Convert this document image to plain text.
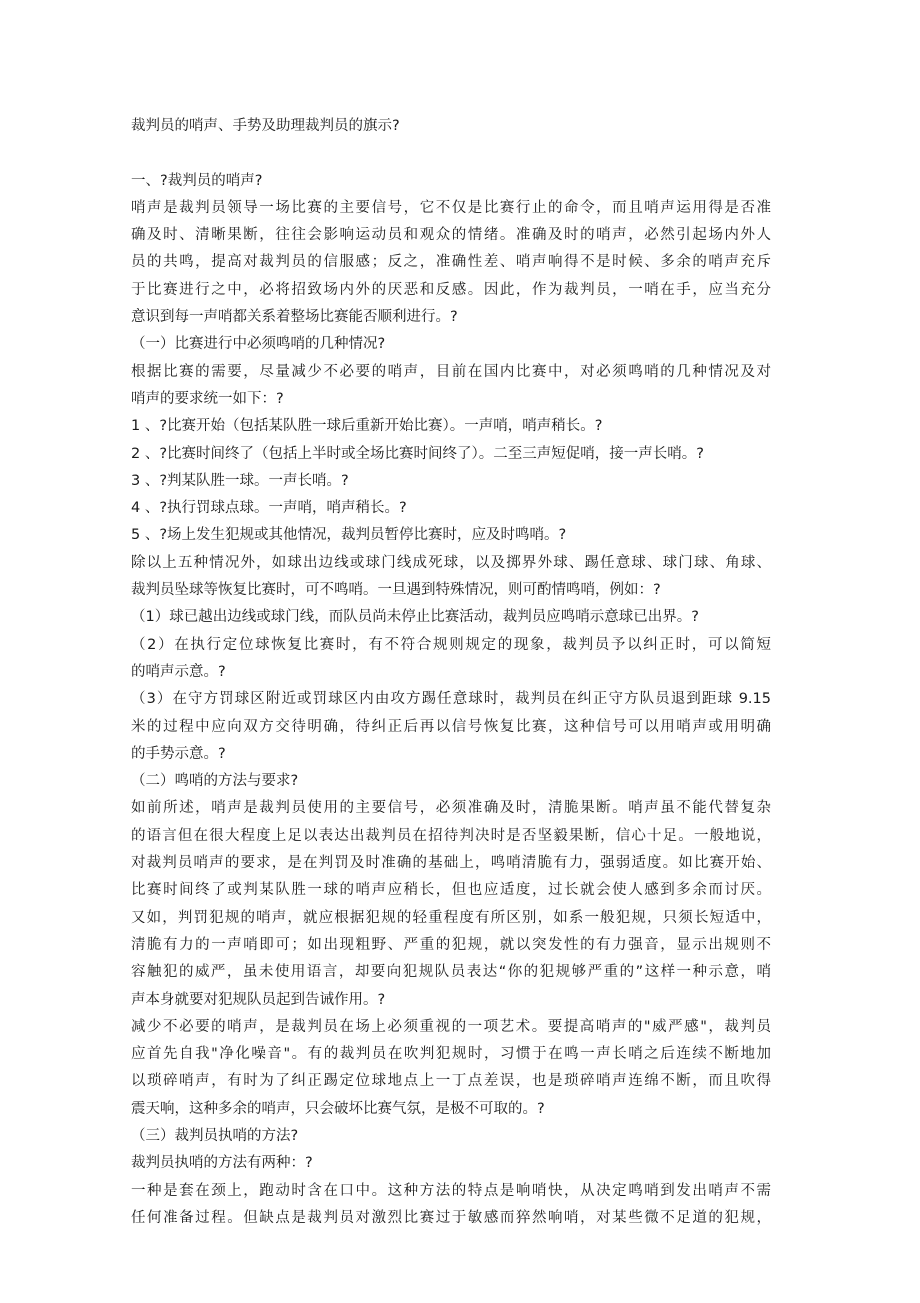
裁判员的哨声、手势及助理裁判员的旗示?
一、?裁判员的哨声?
哨声是裁判员领导一场比赛的主要信号，它不仅是比赛行止的命令，而且哨声运用得是否准
确及时、清晰果断，往往会影响运动员和观众的情绪。准确及时的哨声，必然引起场内外人
员的共鸣，提高对裁判员的信服感；反之，准确性差、哨声响得不是时候、多余的哨声充斥
于比赛进行之中，必将招致场内外的厌恶和反感。因此，作为裁判员，一哨在手，应当充分
意识到每一声哨都关系着整场比赛能否顺利进行。?
（一）比赛进行中必须鸣哨的几种情况?
根据比赛的需要，尽量减少不必要的哨声，目前在国内比赛中，对必须鸣哨的几种情况及对
哨声的要求统一如下：?
1 、?比赛开始（包括某队胜一球后重新开始比赛）。一声哨，哨声稍长。?
2 、?比赛时间终了（包括上半时或全场比赛时间终了）。二至三声短促哨，接一声长哨。?
3 、?判某队胜一球。一声长哨。?
4 、?执行罚球点球。一声哨，哨声稍长。?
5 、?场上发生犯规或其他情况，裁判员暂停比赛时，应及时鸣哨。?
除以上五种情况外，如球出边线或球门线成死球，以及掷界外球、踢任意球、球门球、角球、
裁判员坠球等恢复比赛时，可不鸣哨。一旦遇到特殊情况，则可酌情鸣哨，例如：?
（1）球已越出边线或球门线，而队员尚未停止比赛活动，裁判员应鸣哨示意球已出界。?
（2）在执行定位球恢复比赛时，有不符合规则规定的现象，裁判员予以纠正时，可以简短
的哨声示意。?
（3）在守方罚球区附近或罚球区内由攻方踢任意球时，裁判员在纠正守方队员退到距球 9.15
米的过程中应向双方交待明确，待纠正后再以信号恢复比赛，这种信号可以用哨声或用明确
的手势示意。?
（二）鸣哨的方法与要求?
如前所述，哨声是裁判员使用的主要信号，必须准确及时，清脆果断。哨声虽不能代替复杂
的语言但在很大程度上足以表达出裁判员在招待判决时是否坚毅果断，信心十足。一般地说，
对裁判员哨声的要求，是在判罚及时准确的基础上，鸣哨清脆有力，强弱适度。如比赛开始、
比赛时间终了或判某队胜一球的哨声应稍长，但也应适度，过长就会使人感到多余而讨厌。
又如，判罚犯规的哨声，就应根据犯规的轻重程度有所区别，如系一般犯规，只须长短适中，
清脆有力的一声哨即可；如出现粗野、严重的犯规，就以突发性的有力强音，显示出规则不
容触犯的威严，虽未使用语言，却要向犯规队员表达“你的犯规够严重的”这样一种示意，哨
声本身就要对犯规队员起到告诫作用。?
减少不必要的哨声，是裁判员在场上必须重视的一项艺术。要提高哨声的"威严感"，裁判员
应首先自我"净化噪音"。有的裁判员在吹判犯规时，习惯于在鸣一声长哨之后连续不断地加
以琐碎哨声，有时为了纠正踢定位球地点上一丁点差误，也是琐碎哨声连绵不断，而且吹得
震天响，这种多余的哨声，只会破坏比赛气氛，是极不可取的。?
（三）裁判员执哨的方法?
裁判员执哨的方法有两种：?
一种是套在颈上，跑动时含在口中。这种方法的特点是响哨快，从决定鸣哨到发出哨声不需
任何准备过程。但缺点是裁判员对激烈比赛过于敏感而猝然响哨，对某些微不足道的犯规，
